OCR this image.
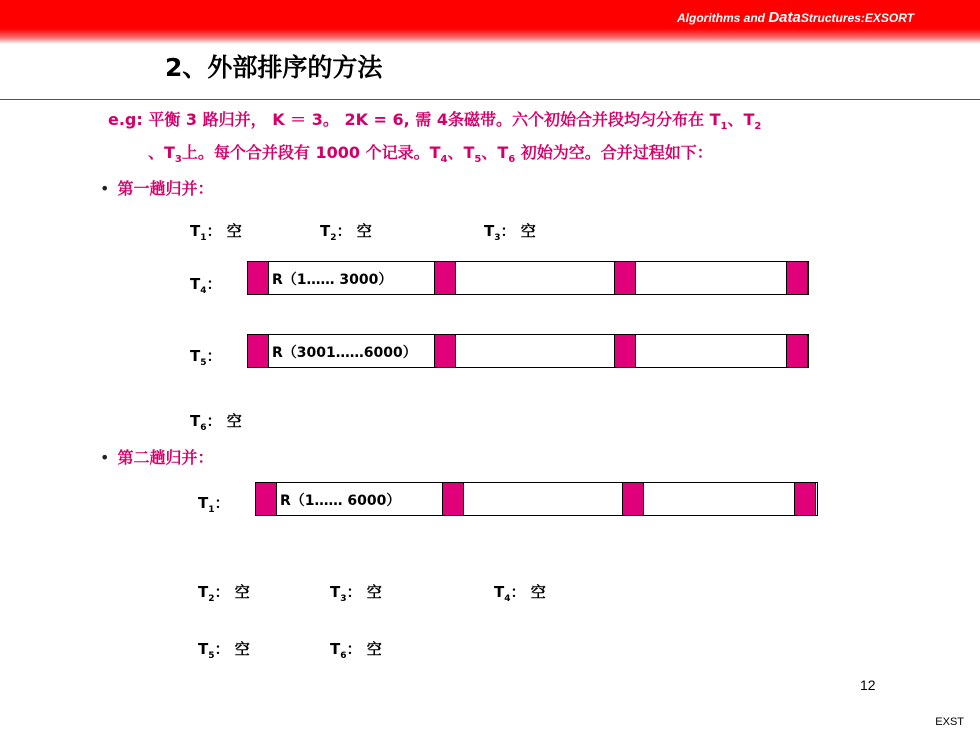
Algorithms and DataStructures:EXSORT
2、外部排序的方法
e.g: 平衡 3 路归并， K ＝ 3。 2K = 6, 需 4条磁带。六个初始合并段均匀分布在 $T_1$、$T_2$
、$T_3$上。每个合并段有 1000 个记录。$T_4$、$T_5$、$T_6$ 初始为空。合并过程如下：
• 第一趟归并：
$T_1$： 空	$T_2$： 空	$T_3$： 空
$T_4$：	R（1…… 3000）
$T_5$：	R（3001……6000）
$T_6$： 空
• 第二趟归并：
$T_1$：	R（1…… 6000）
$T_2$： 空	$T_3$： 空	$T_4$： 空
$T_5$： 空	$T_6$： 空
12
EXST
